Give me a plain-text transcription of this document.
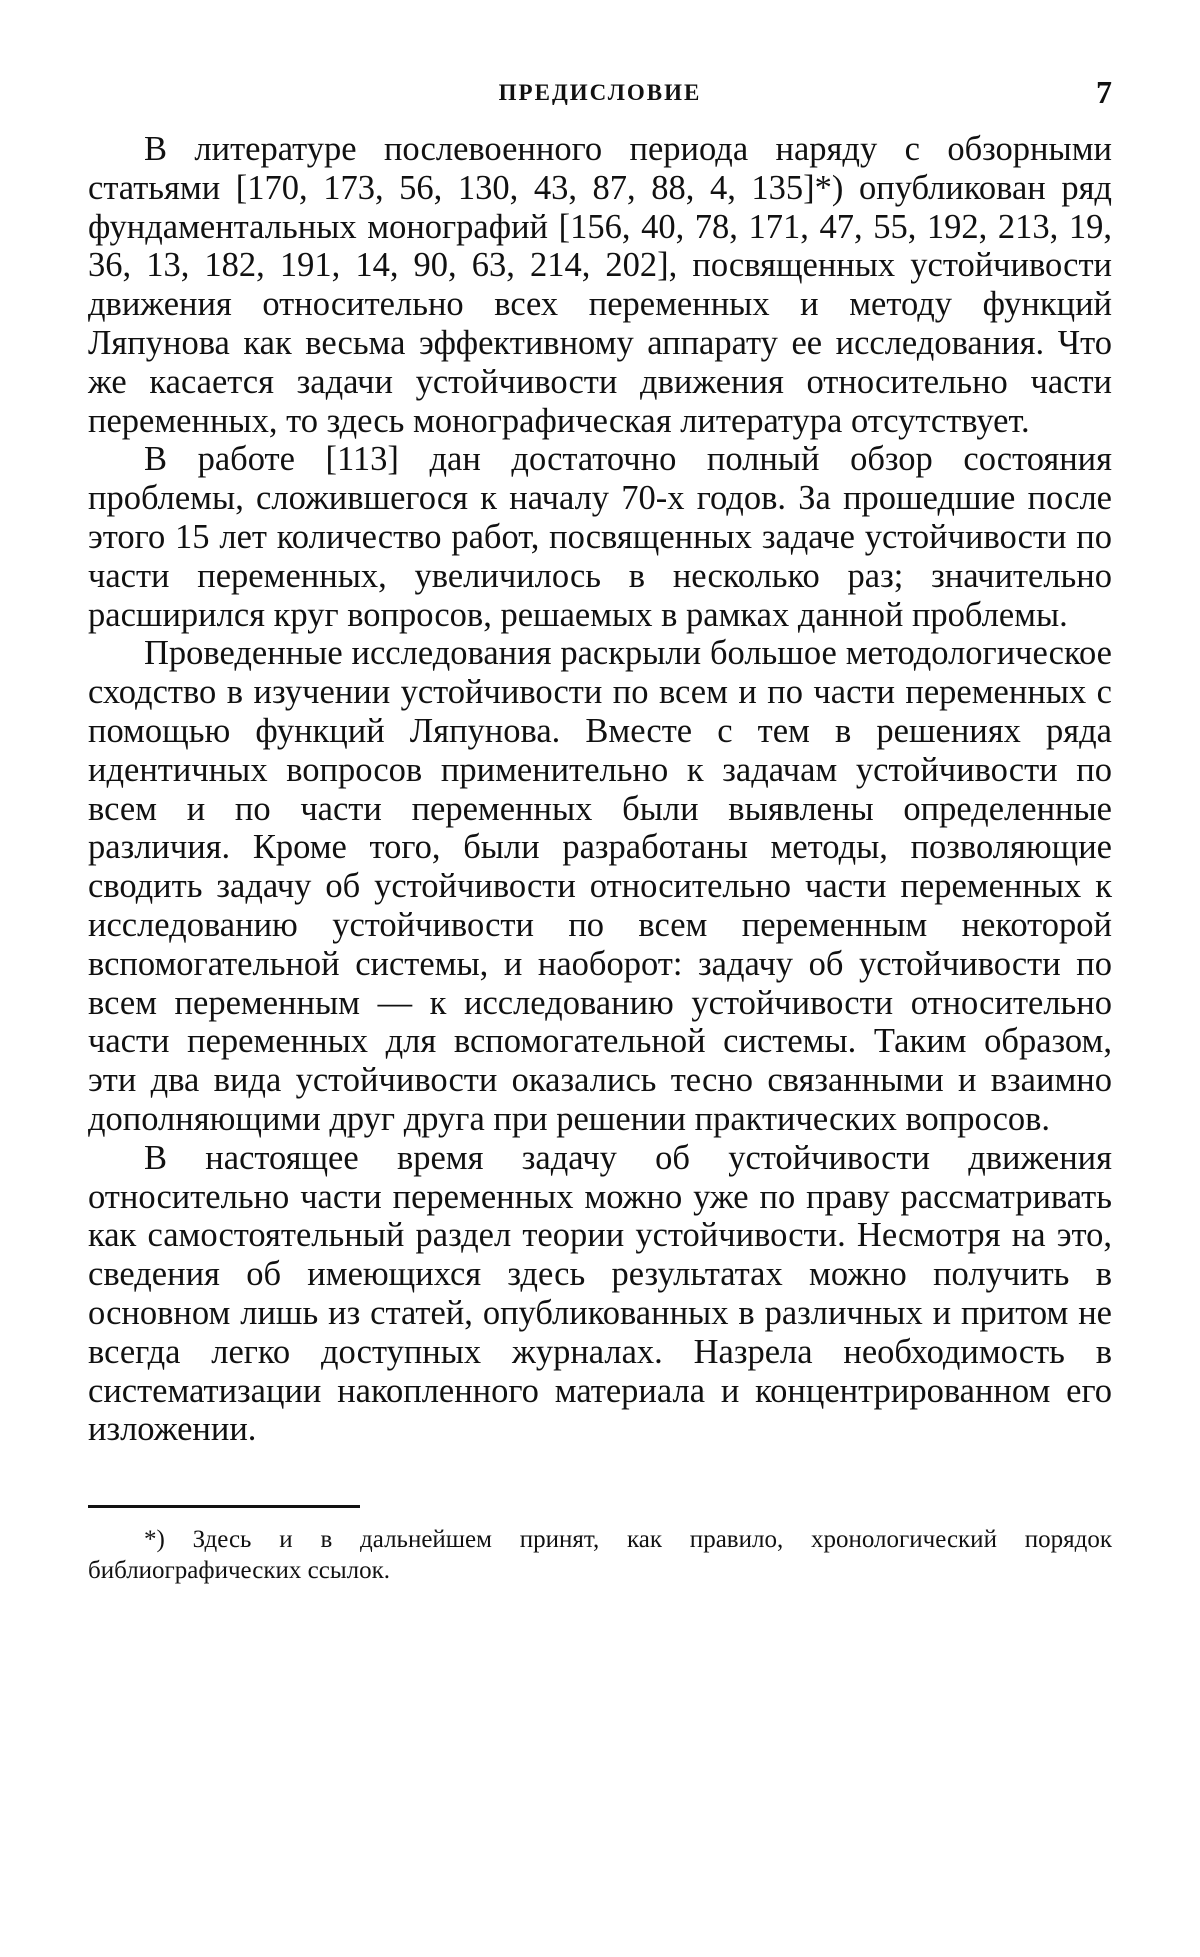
ПРЕДИСЛОВИЕ	7

В литературе послевоенного периода наряду с обзорными статьями [170, 173, 56, 130, 43, 87, 88, 4, 135]*) опубликован ряд фундаментальных монографий [156, 40, 78, 171, 47, 55, 192, 213, 19, 36, 13, 182, 191, 14, 90, 63, 214, 202], посвященных устойчивости движения относительно всех переменных и методу функций Ляпунова как весьма эффективному аппарату ее исследования. Что же касается задачи устойчивости движения относительно части переменных, то здесь монографическая литература отсутствует.

В работе [113] дан достаточно полный обзор состояния проблемы, сложившегося к началу 70-х годов. За прошедшие после этого 15 лет количество работ, посвященных задаче устойчивости по части переменных, увеличилось в несколько раз; значительно расширился круг вопросов, решаемых в рамках данной проблемы.

Проведенные исследования раскрыли большое методологическое сходство в изучении устойчивости по всем и по части переменных с помощью функций Ляпунова. Вместе с тем в решениях ряда идентичных вопросов применительно к задачам устойчивости по всем и по части переменных были выявлены определенные различия. Кроме того, были разработаны методы, позволяющие сводить задачу об устойчивости относительно части переменных к исследованию устойчивости по всем переменным некоторой вспомогательной системы, и наоборот: задачу об устойчивости по всем переменным — к исследованию устойчивости относительно части переменных для вспомогательной системы. Таким образом, эти два вида устойчивости оказались тесно связанными и взаимно дополняющими друг друга при решении практических вопросов.

В настоящее время задачу об устойчивости движения относительно части переменных можно уже по праву рассматривать как самостоятельный раздел теории устойчивости. Несмотря на это, сведения об имеющихся здесь результатах можно получить в основном лишь из статей, опубликованных в различных и притом не всегда легко доступных журналах. Назрела необходимость в систематизации накопленного материала и концентрированном его изложении.

*) Здесь и в дальнейшем принят, как правило, хронологический порядок библиографических ссылок.
